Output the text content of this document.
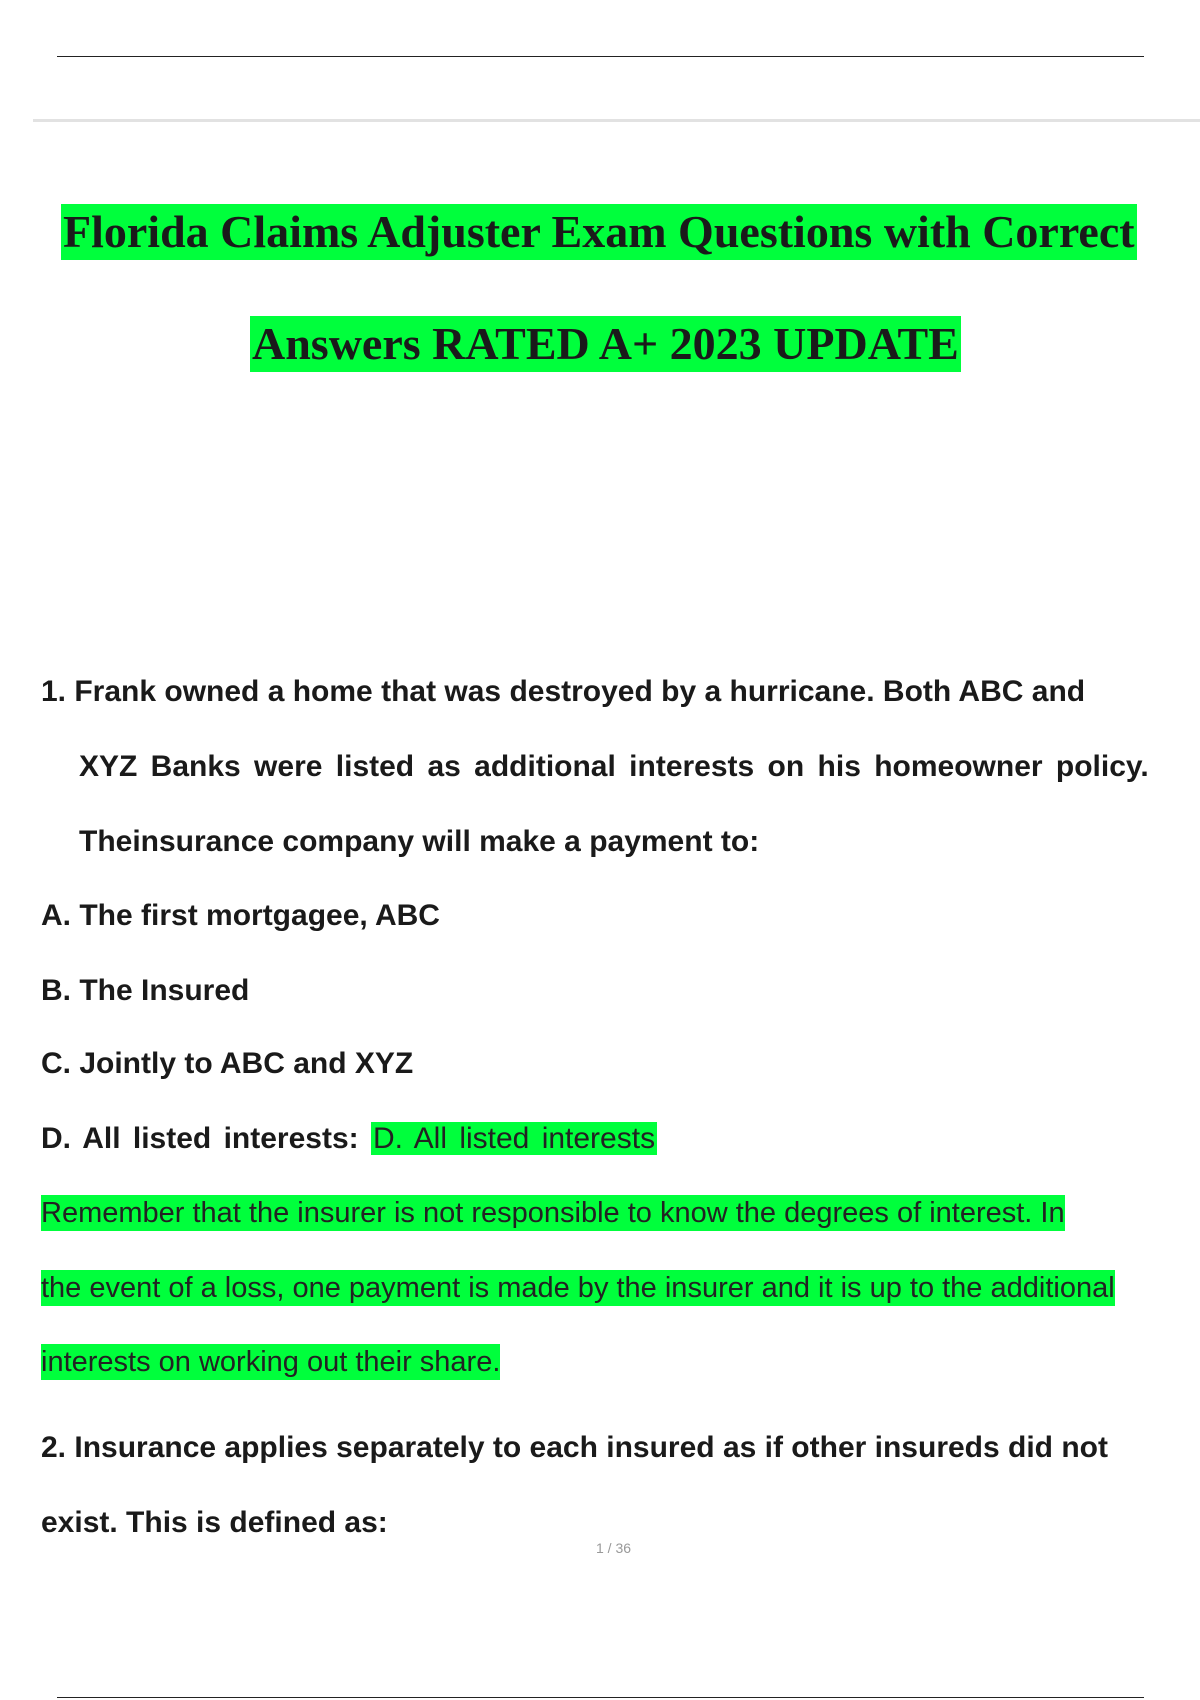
Florida Claims Adjuster Exam Questions with Correct
Answers RATED A+ 2023 UPDATE
1. Frank owned a home that was destroyed by a hurricane. Both ABC and
XYZ Banks were listed as additional interests on his homeowner policy.
Theinsurance company will make a payment to:
A. The first mortgagee, ABC
B. The Insured
C. Jointly to ABC and XYZ
D. All listed interests: D. All listed interests
Remember that the insurer is not responsible to know the degrees of interest. In
the event of a loss, one payment is made by the insurer and it is up to the additional
interests on working out their share.
2. Insurance applies separately to each insured as if other insureds did not
exist. This is defined as:
1 / 36
